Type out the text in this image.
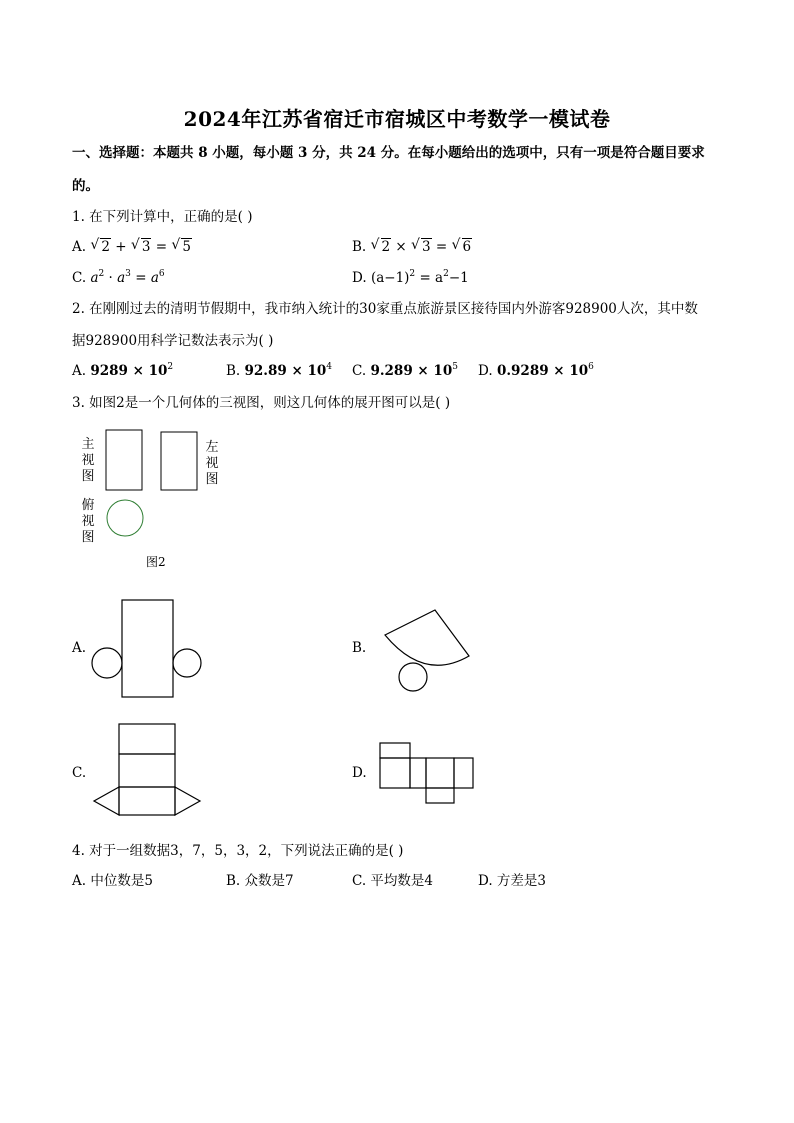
2024年江苏省宿迁市宿城区中考数学一模试卷
一、选择题：本题共 8 小题，每小题 3 分，共 24 分。在每小题给出的选项中，只有一项是符合题目要求
的。
1. 在下列计算中，正确的是( )
A. √ 2 + √ 3 = √ 5	B. √ 2 × √ 3 = √ 6
C. $a^2 \cdot a^3 = a^6$	D. $(a-1)^2 = a^2-1$
2. 在刚刚过去的清明节假期中，我市纳入统计的30家重点旅游景区接待国内外游客928900人次，其中数
据928900用科学记数法表示为( )
A. $9289 \times 10^2$	B. $92.89 \times 10^4$ C. $9.289 \times 10^5$ D. $0.9289 \times 10^6$
3. 如图2是一个几何体的三视图，则这几何体的展开图可以是( )
主视图
左视图
俯视图
图2
A.	B.
C.	D.
4. 对于一组数据3，7，5，3，2，下列说法正确的是( )
A. 中位数是5	B. 众数是7	C. 平均数是4	D. 方差是3
